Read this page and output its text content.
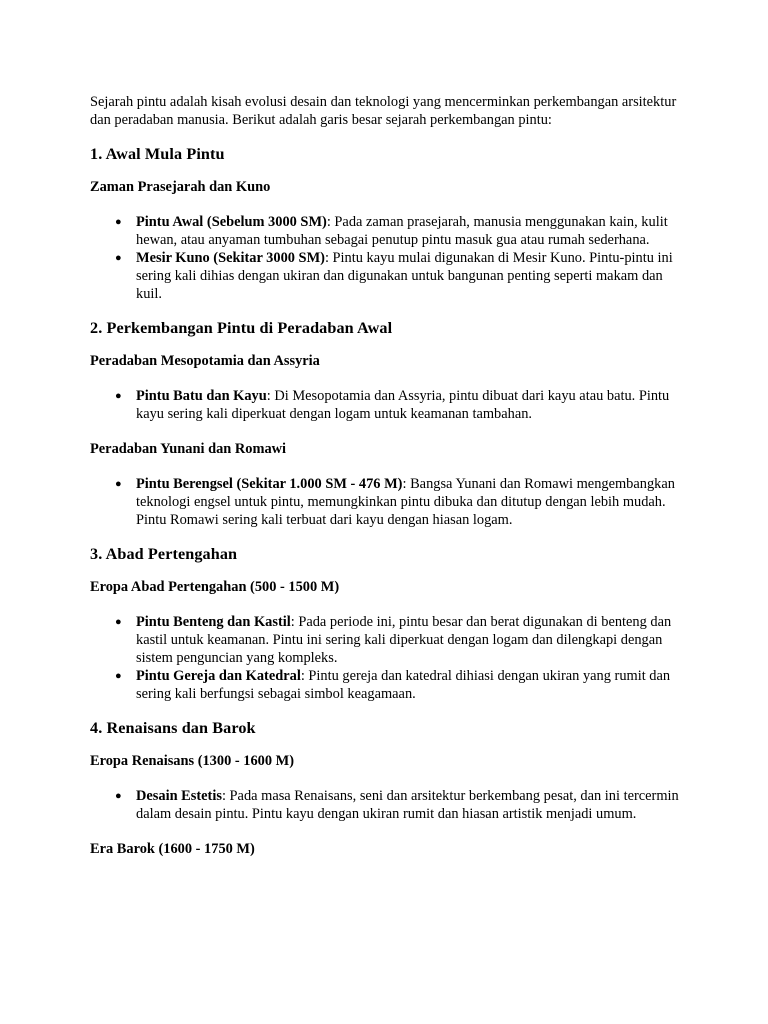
Sejarah pintu adalah kisah evolusi desain dan teknologi yang mencerminkan perkembangan arsitektur dan peradaban manusia. Berikut adalah garis besar sejarah perkembangan pintu:

1. Awal Mula Pintu
Zaman Prasejarah dan Kuno
● Pintu Awal (Sebelum 3000 SM): Pada zaman prasejarah, manusia menggunakan kain, kulit hewan, atau anyaman tumbuhan sebagai penutup pintu masuk gua atau rumah sederhana.
● Mesir Kuno (Sekitar 3000 SM): Pintu kayu mulai digunakan di Mesir Kuno. Pintu-pintu ini sering kali dihias dengan ukiran dan digunakan untuk bangunan penting seperti makam dan kuil.
2. Perkembangan Pintu di Peradaban Awal
Peradaban Mesopotamia dan Assyria
● Pintu Batu dan Kayu: Di Mesopotamia dan Assyria, pintu dibuat dari kayu atau batu. Pintu kayu sering kali diperkuat dengan logam untuk keamanan tambahan.
Peradaban Yunani dan Romawi
● Pintu Berengsel (Sekitar 1.000 SM - 476 M): Bangsa Yunani dan Romawi mengembangkan teknologi engsel untuk pintu, memungkinkan pintu dibuka dan ditutup dengan lebih mudah. Pintu Romawi sering kali terbuat dari kayu dengan hiasan logam.
3. Abad Pertengahan
Eropa Abad Pertengahan (500 - 1500 M)
● Pintu Benteng dan Kastil: Pada periode ini, pintu besar dan berat digunakan di benteng dan kastil untuk keamanan. Pintu ini sering kali diperkuat dengan logam dan dilengkapi dengan sistem penguncian yang kompleks.
● Pintu Gereja dan Katedral: Pintu gereja dan katedral dihiasi dengan ukiran yang rumit dan sering kali berfungsi sebagai simbol keagamaan.
4. Renaisans dan Barok
Eropa Renaisans (1300 - 1600 M)
● Desain Estetis: Pada masa Renaisans, seni dan arsitektur berkembang pesat, dan ini tercermin dalam desain pintu. Pintu kayu dengan ukiran rumit dan hiasan artistik menjadi umum.
Era Barok (1600 - 1750 M)
